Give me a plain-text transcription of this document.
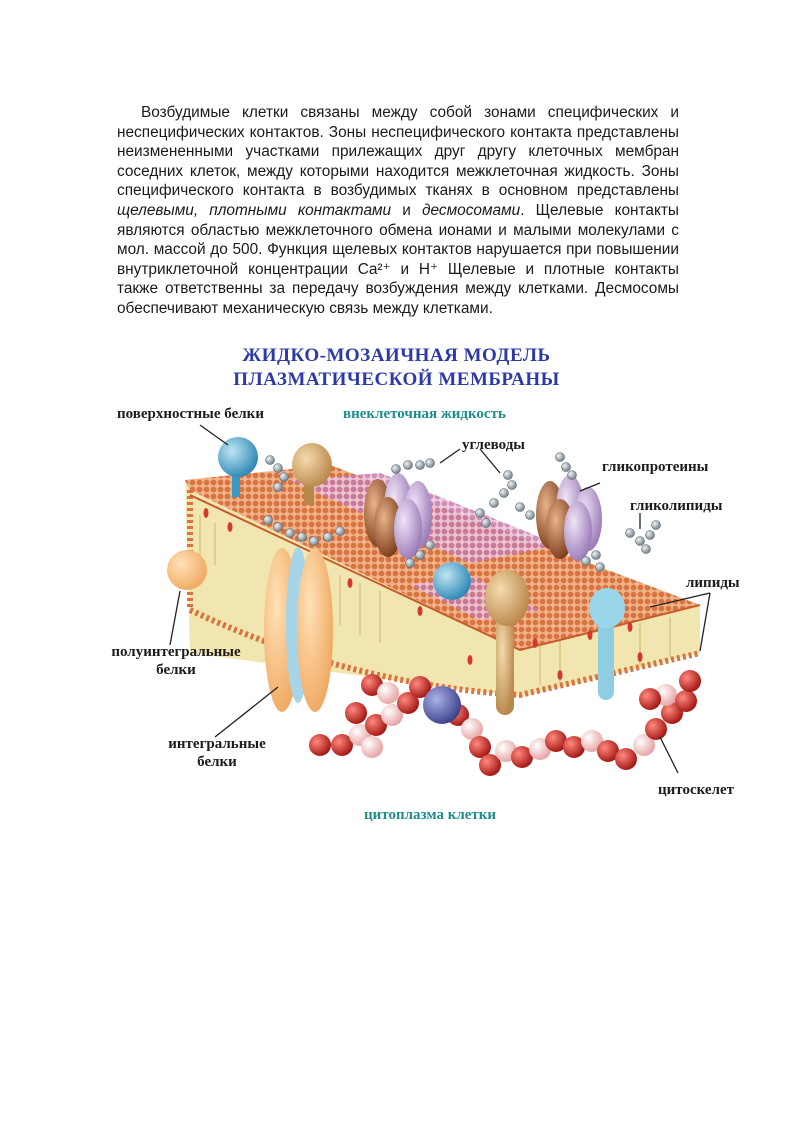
Возбудимые клетки связаны между собой зонами специфических и неспецифических контактов. Зоны неспецифического контакта представлены неизмененными участками прилежащих друг другу клеточных мембран соседних клеток, между которыми находится межклеточная жидкость. Зоны специфического контакта в возбудимых тканях в основном представлены щелевыми, плотными контактами и десмосомами. Щелевые контакты являются областью межклеточного обмена ионами и малыми молекулами с мол. массой до 500. Функция щелевых контактов нарушается при повышении внутриклеточной концентрации Ca²⁺ и H⁺ Щелевые и плотные контакты также ответственны за передачу возбуждения между клетками. Десмосомы обеспечивают механическую связь между клетками.

ЖИДКО-МОЗАИЧНАЯ МОДЕЛЬ
ПЛАЗМАТИЧЕСКОЙ МЕМБРАНЫ
поверхностные белки	внеклеточная жидкость
углеводы
гликопротеины
гликолипиды
липиды
полуинтегральные
белки
интегральные
белки
цитоскелет
цитоплазма клетки
